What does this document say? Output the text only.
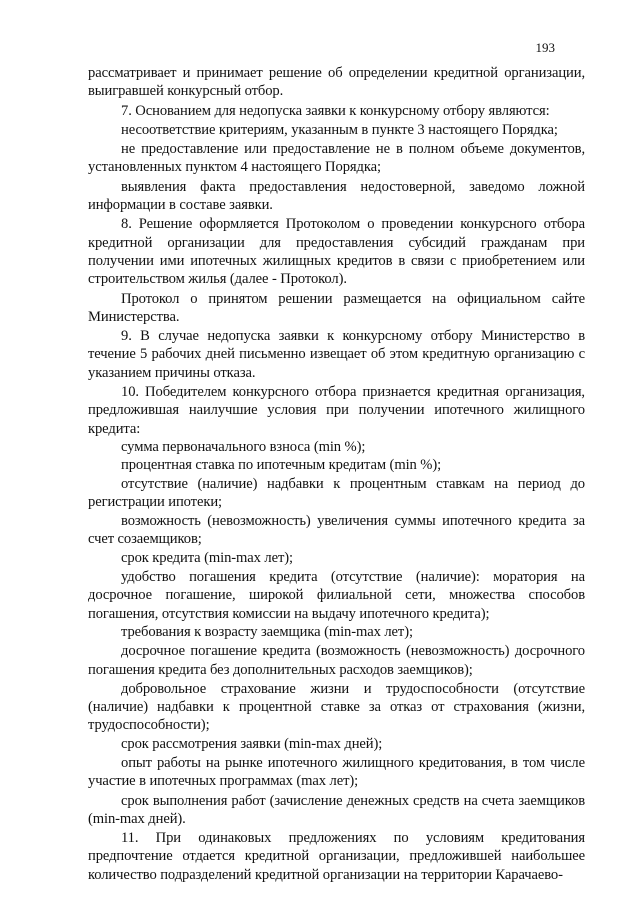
193

рассматривает и принимает решение об определении кредитной организации, выигравшей конкурсный отбор.

7. Основанием для недопуска заявки к конкурсному отбору являются:

несоответствие критериям, указанным в пункте 3 настоящего Порядка;

не предоставление или предоставление не в полном объеме документов, установленных пунктом 4 настоящего Порядка;

выявления факта предоставления недостоверной, заведомо ложной информации в составе заявки.

8. Решение оформляется Протоколом о проведении конкурсного отбора кредитной организации для предоставления субсидий гражданам при получении ими ипотечных жилищных кредитов в связи с приобретением или строительством жилья (далее - Протокол).

Протокол о принятом решении размещается на официальном сайте Министерства.

9. В случае недопуска заявки к конкурсному отбору Министерство в течение 5 рабочих дней письменно извещает об этом кредитную организацию с указанием причины отказа.

10. Победителем конкурсного отбора признается кредитная организация, предложившая наилучшие условия при получении ипотечного жилищного кредита:

сумма первоначального взноса (min %);

процентная ставка по ипотечным кредитам (min %);

отсутствие (наличие) надбавки к процентным ставкам на период до регистрации ипотеки;

возможность (невозможность) увеличения суммы ипотечного кредита за счет созаемщиков;

срок кредита (min-max лет);

удобство погашения кредита (отсутствие (наличие): моратория на досрочное погашение, широкой филиальной сети, множества способов погашения, отсутствия комиссии на выдачу ипотечного кредита);

требования к возрасту заемщика (min-max лет);

досрочное погашение кредита (возможность (невозможность) досрочного погашения кредита без дополнительных расходов заемщиков);

добровольное страхование жизни и трудоспособности (отсутствие (наличие) надбавки к процентной ставке за отказ от страхования (жизни, трудоспособности);

срок рассмотрения заявки (min-max дней);

опыт работы на рынке ипотечного жилищного кредитования, в том числе участие в ипотечных программах (max лет);

срок выполнения работ (зачисление денежных средств на счета заемщиков (min-max дней).

11. При одинаковых предложениях по условиям кредитования предпочтение отдается кредитной организации, предложившей наибольшее количество подразделений кредитной организации на территории Карачаево-
